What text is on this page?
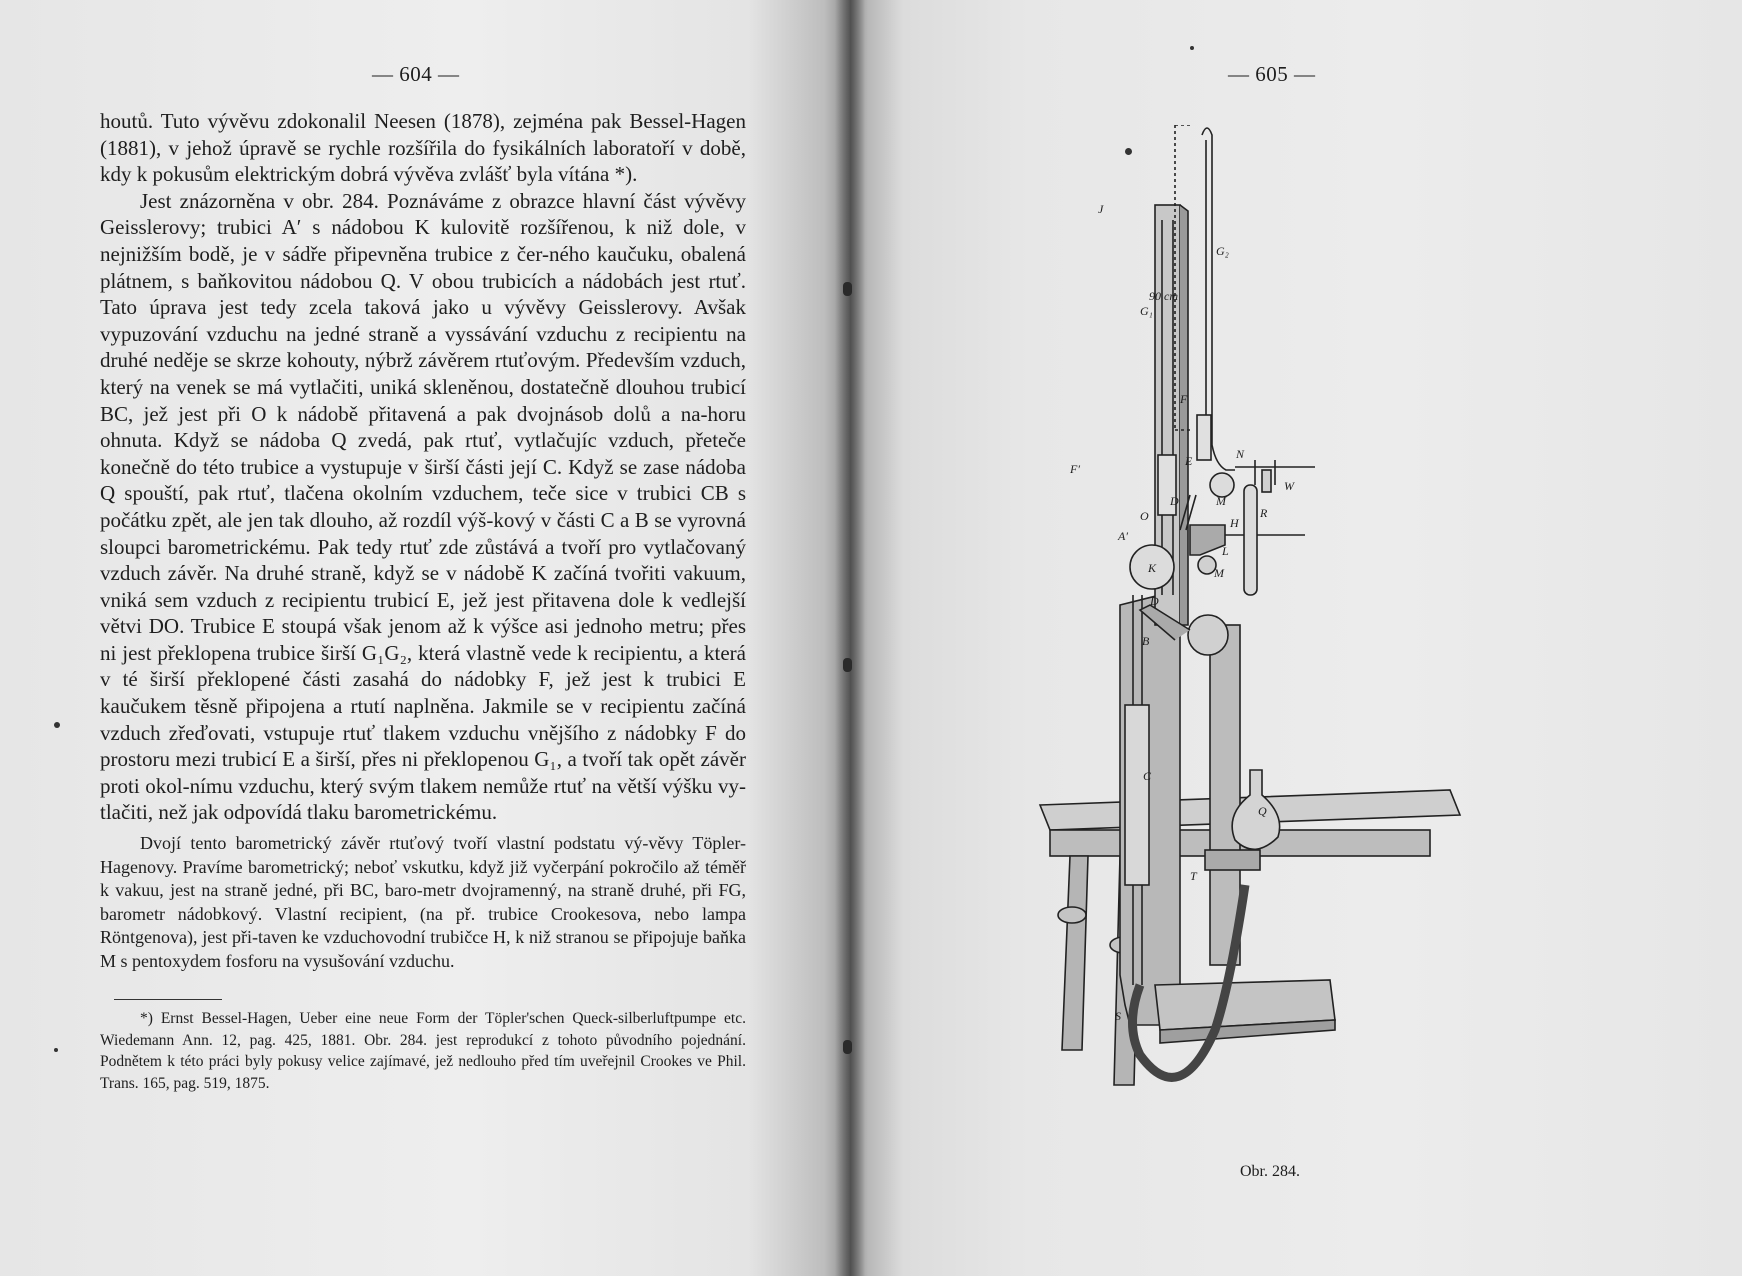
— 604 —

houtů. Tuto vývěvu zdokonalil Neesen (1878), zejména pak Bessel-Hagen (1881), v jehož úpravě se rychle rozšířila do fysikálních laboratoří v době, kdy k pokusům elektrickým dobrá vývěva zvlášť byla vítána *).

Jest znázorněna v obr. 284. Poznáváme z obrazce hlavní část vývěvy Geisslerovy; trubici A′ s nádobou K kulovitě rozšířenou, k niž dole, v nejnižším bodě, je v sádře připevněna trubice z čer-ného kaučuku, obalená plátnem, s baňkovitou nádobou Q. V obou trubicích a nádobách jest rtuť. Tato úprava jest tedy zcela taková jako u vývěvy Geisslerovy. Avšak vypuzování vzduchu na jedné straně a vyssávání vzduchu z recipientu na druhé neděje se skrze kohouty, nýbrž závěrem rtuťovým. Především vzduch, který na venek se má vytlačiti, uniká skleněnou, dostatečně dlouhou trubicí BC, jež jest při O k nádobě přitavená a pak dvojnásob dolů a na-horu ohnuta. Když se nádoba Q zvedá, pak rtuť, vytlačujíc vzduch, přeteče konečně do této trubice a vystupuje v širší části její C. Když se zase nádoba Q spouští, pak rtuť, tlačena okolním vzduchem, teče sice v trubici CB s počátku zpět, ale jen tak dlouho, až rozdíl výš-kový v části C a B se vyrovná sloupci barometrickému. Pak tedy rtuť zde zůstává a tvoří pro vytlačovaný vzduch závěr. Na druhé straně, když se v nádobě K začíná tvořiti vakuum, vniká sem vzduch z recipientu trubicí E, jež jest přitavena dole k vedlejší větvi DO. Trubice E stoupá však jenom až k výšce asi jednoho metru; přes ni jest překlopena trubice širší G₁G₂, která vlastně vede k recipientu, a která v té širší překlopené části zasahá do nádobky F, jež jest k trubici E kaučukem těsně připojena a rtutí naplněna. Jakmile se v recipientu začíná vzduch zřeďovati, vstupuje rtuť tlakem vzduchu vnějšího z nádobky F do prostoru mezi trubicí E a širší, přes ni překlopenou G₁, a tvoří tak opět závěr proti okol-nímu vzduchu, který svým tlakem nemůže rtuť na větší výšku vy-tlačiti, než jak odpovídá tlaku barometrickému.

Dvojí tento barometrický závěr rtuťový tvoří vlastní podstatu vý-věvy Töpler-Hagenovy. Pravíme barometrický; neboť vskutku, když již vyčerpání pokročilo až téměř k vakuu, jest na straně jedné, při BC, baro-metr dvojramenný, na straně druhé, při FG, barometr nádobkový. Vlastní recipient, (na př. trubice Crookesova, nebo lampa Röntgenova), jest při-taven ke vzduchovodní trubičce H, k niž stranou se připojuje baňka M s pentoxydem fosforu na vysušování vzduchu.

*) Ernst Bessel-Hagen, Ueber eine neue Form der Töpler'schen Queck-silberluftpumpe etc. Wiedemann Ann. 12, pag. 425, 1881. Obr. 284. jest reprodukcí z tohoto původního pojednání. Podnětem k této práci byly pokusy velice zajímavé, jež nedlouho před tím uveřejnil Crookes ve Phil. Trans. 165, pag. 519, 1875.

— 605 —
J
G₁
G₂
90 cm
F
F′
E	N
D	M
R
W
O
A′
H
L
K	M
D
B
C
Q
T
S
Obr. 284.
